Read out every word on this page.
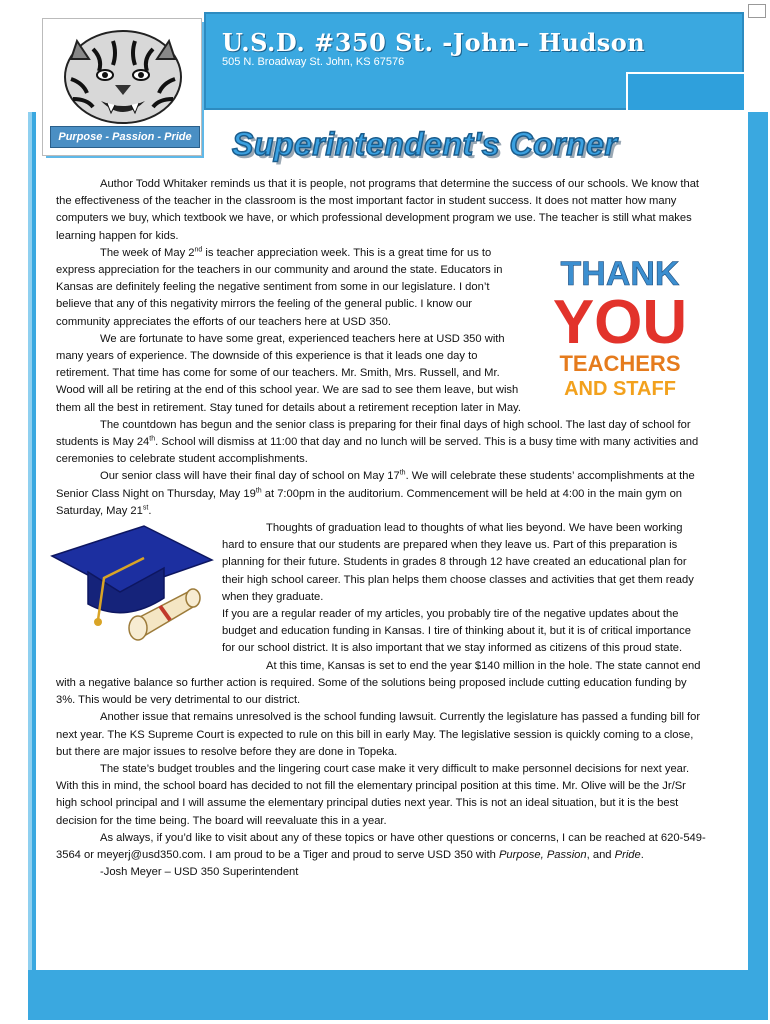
U.S.D. #350 St. -John– Hudson
505 N. Broadway St. John, KS 67576
Purpose - Passion - Pride Superintendent's Corner

Author Todd Whitaker reminds us that it is people, not programs that determine the success of our schools. We know that the effectiveness of the teacher in the classroom is the most important factor in student success. It does not matter how many computers we buy, which textbook we have, or which professional development program we use. The teacher is still what makes learning happen for kids.

THANK
YOU
TEACHERS
AND STAFF

The week of May 2nd is teacher appreciation week. This is a great time for us to express appreciation for the teachers in our community and around the state. Educators in Kansas are definitely feeling the negative sentiment from some in our legislature. I don’t believe that any of this negativity mirrors the feeling of the general public. I know our community appreciates the efforts of our teachers here at USD 350.

We are fortunate to have some great, experienced teachers here at USD 350 with many years of experience. The downside of this experience is that it leads one day to retirement. That time has come for some of our teachers. Mr. Smith, Mrs. Russell, and Mr. Wood will all be retiring at the end of this school year. We are sad to see them leave, but wish them all the best in retirement. Stay tuned for details about a retirement reception later in May.

The countdown has begun and the senior class is preparing for their final days of high school. The last day of school for students is May 24th. School will dismiss at 11:00 that day and no lunch will be served. This is a busy time with many activities and ceremonies to celebrate student accomplishments.

Our senior class will have their final day of school on May 17th. We will celebrate these students’ accomplishments at the Senior Class Night on Thursday, May 19th at 7:00pm in the auditorium. Commencement will be held at 4:00 in the main gym on Saturday, May 21st.

Thoughts of graduation lead to thoughts of what lies beyond. We have been working hard to ensure that our students are prepared when they leave us. Part of this preparation is planning for their future. Students in grades 8 through 12 have created an educational plan for their high school career. This plan helps them choose classes and activities that get them ready when they graduate.

If you are a regular reader of my articles, you probably tire of the negative updates about the budget and education funding in Kansas. I tire of thinking about it, but it is of critical importance for our school district. It is also important that we stay informed as citizens of this proud state.

At this time, Kansas is set to end the year $140 million in the hole. The state cannot end with a negative balance so further action is required. Some of the solutions being proposed include cutting education funding by 3%. This would be very detrimental to our district.

Another issue that remains unresolved is the school funding lawsuit. Currently the legislature has passed a funding bill for next year. The KS Supreme Court is expected to rule on this bill in early May. The legislative session is quickly coming to a close, but there are major issues to resolve before they are done in Topeka.

The state’s budget troubles and the lingering court case make it very difficult to make personnel decisions for next year. With this in mind, the school board has decided to not fill the elementary principal position at this time. Mr. Olive will be the Jr/Sr high school principal and I will assume the elementary principal duties next year. This is not an ideal situation, but it is the best decision for the time being. The board will reevaluate this in a year.

As always, if you’d like to visit about any of these topics or have other questions or concerns, I can be reached at 620-549-3564 or meyerj@usd350.com. I am proud to be a Tiger and proud to serve USD 350 with Purpose, Passion, and Pride.

-Josh Meyer – USD 350 Superintendent
